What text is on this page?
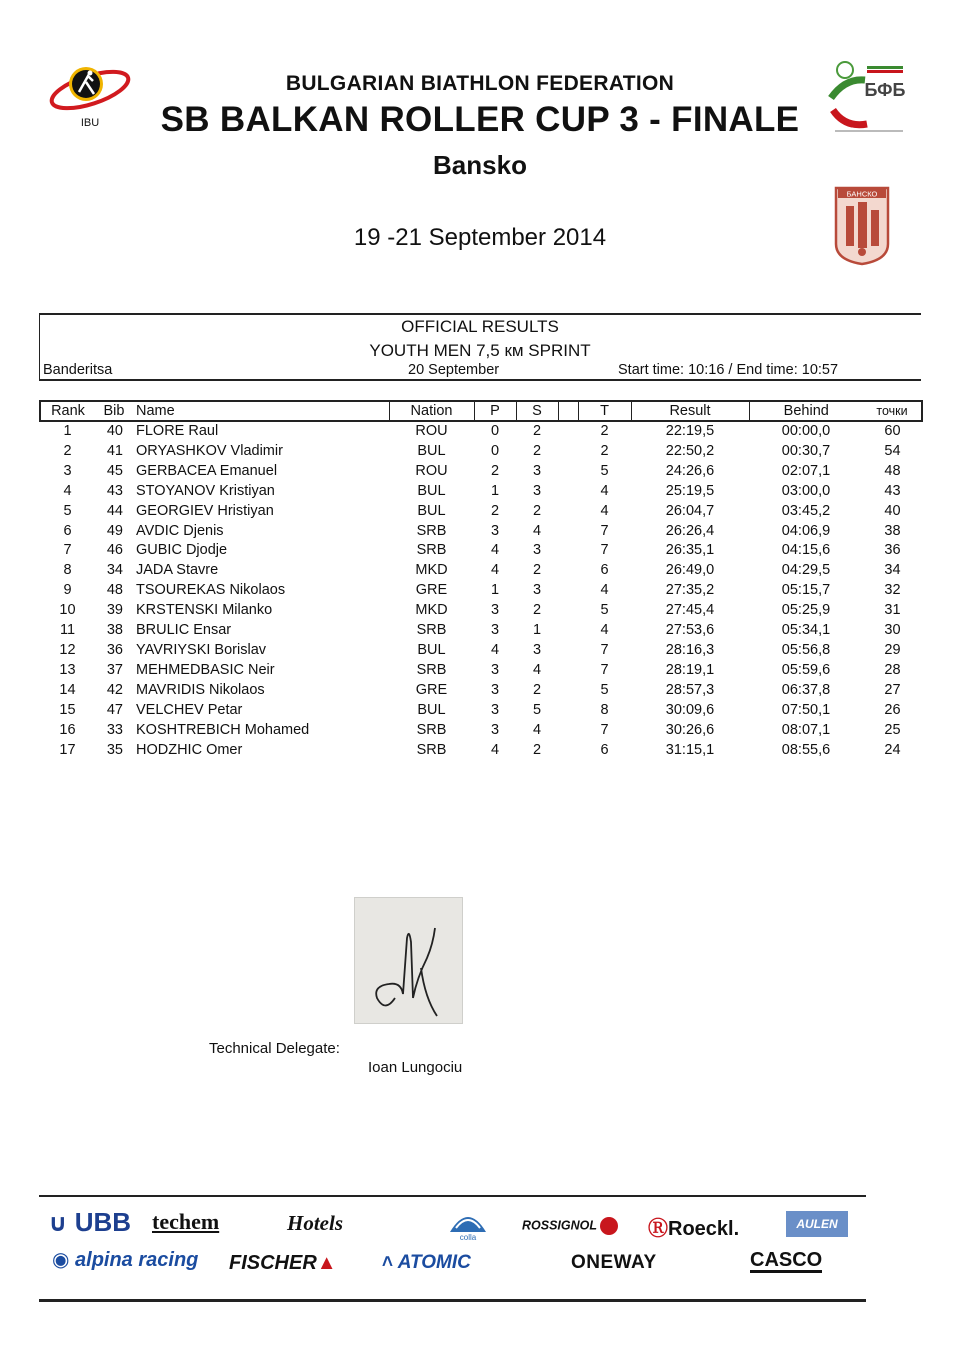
IBU
БФБ
БАНСКО
BULGARIAN BIATHLON FEDERATION
SB BALKAN ROLLER CUP 3 - FINALE
Bansko
19 -21 September 2014
OFFICIAL RESULTS
YOUTH MEN 7,5 км SPRINT
Banderitsa	20 September	Start time: 10:16 / End time: 10:57
Rank	Bib	Name	Nation	P	S		T	Result	Behind	точки
1	40	FLORE Raul	ROU	0	2		2	22:19,5	00:00,0	60
2	41	ORYASHKOV Vladimir	BUL	0	2		2	22:50,2	00:30,7	54
3	45	GERBACEA Emanuel	ROU	2	3		5	24:26,6	02:07,1	48
4	43	STOYANOV Kristiyan	BUL	1	3		4	25:19,5	03:00,0	43
5	44	GEORGIEV Hristiyan	BUL	2	2		4	26:04,7	03:45,2	40
6	49	AVDIC Djenis	SRB	3	4		7	26:26,4	04:06,9	38
7	46	GUBIC Djodje	SRB	4	3		7	26:35,1	04:15,6	36
8	34	JADA Stavre	MKD	4	2		6	26:49,0	04:29,5	34
9	48	TSOUREKAS Nikolaos	GRE	1	3		4	27:35,2	05:15,7	32
10	39	KRSTENSKI Milanko	MKD	3	2		5	27:45,4	05:25,9	31
11	38	BRULIC Ensar	SRB	3	1		4	27:53,6	05:34,1	30
12	36	YAVRIYSKI Borislav	BUL	4	3		7	28:16,3	05:56,8	29
13	37	MEHMEDBASIC Neir	SRB	3	4		7	28:19,1	05:59,6	28
14	42	MAVRIDIS Nikolaos	GRE	3	2		5	28:57,3	06:37,8	27
15	47	VELCHEV Petar	BUL	3	5		8	30:09,6	07:50,1	26
16	33	KOSHTREBICH Mohamed	SRB	3	4		7	30:26,6	08:07,1	25
17	35	HODZHIC Omer	SRB	4	2		6	31:15,1	08:55,6	24
Technical Delegate:
Ioan Lungociu
∪ UBB techem	Hotels
colla
ROSSIGNOL	ⓇRoeckl.	AULEN
◉ alpina racing FISCHER▲ ˄ ATOMIC	ONEWAY	CASCO
